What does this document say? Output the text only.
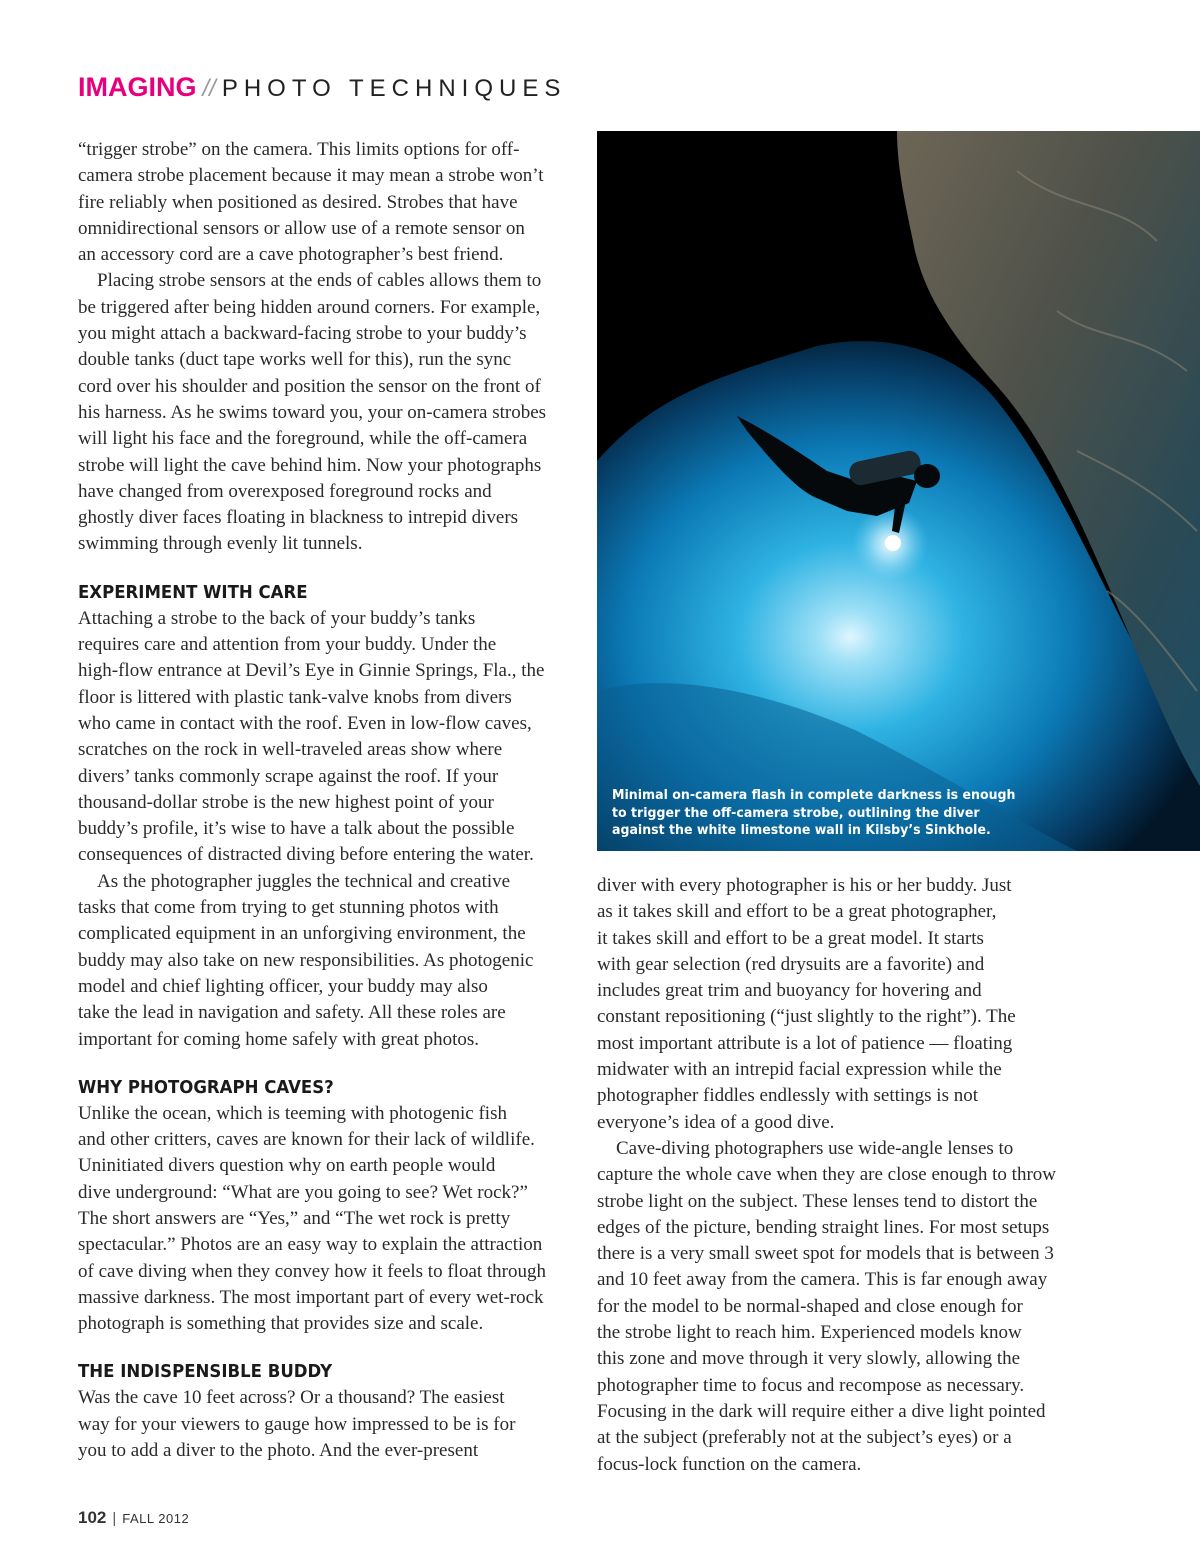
IMAGING // PHOTO TECHNIQUES

“trigger strobe” on the camera. This limits options for off-
camera strobe placement because it may mean a strobe won’t
fire reliably when positioned as desired. Strobes that have
omnidirectional sensors or allow use of a remote sensor on
an accessory cord are a cave photographer’s best friend.

Placing strobe sensors at the ends of cables allows them to
be triggered after being hidden around corners. For example,
you might attach a backward-facing strobe to your buddy’s
double tanks (duct tape works well for this), run the sync
cord over his shoulder and position the sensor on the front of
his harness. As he swims toward you, your on-camera strobes
will light his face and the foreground, while the off-camera
strobe will light the cave behind him. Now your photographs
have changed from overexposed foreground rocks and
ghostly diver faces floating in blackness to intrepid divers
swimming through evenly lit tunnels.

EXPERIMENT WITH CARE

Attaching a strobe to the back of your buddy’s tanks
requires care and attention from your buddy. Under the
high-flow entrance at Devil’s Eye in Ginnie Springs, Fla., the
floor is littered with plastic tank-valve knobs from divers
who came in contact with the roof. Even in low-flow caves,
scratches on the rock in well-traveled areas show where
divers’ tanks commonly scrape against the roof. If your
thousand-dollar strobe is the new highest point of your
buddy’s profile, it’s wise to have a talk about the possible
consequences of distracted diving before entering the water.

As the photographer juggles the technical and creative
tasks that come from trying to get stunning photos with
complicated equipment in an unforgiving environment, the
buddy may also take on new responsibilities. As photogenic
model and chief lighting officer, your buddy may also
take the lead in navigation and safety. All these roles are
important for coming home safely with great photos.

WHY PHOTOGRAPH CAVES?

Unlike the ocean, which is teeming with photogenic fish
and other critters, caves are known for their lack of wildlife.
Uninitiated divers question why on earth people would
dive underground: “What are you going to see? Wet rock?”
The short answers are “Yes,” and “The wet rock is pretty
spectacular.” Photos are an easy way to explain the attraction
of cave diving when they convey how it feels to float through
massive darkness. The most important part of every wet-rock
photograph is something that provides size and scale.

THE INDISPENSIBLE BUDDY

Was the cave 10 feet across? Or a thousand? The easiest
way for your viewers to gauge how impressed to be is for
you to add a diver to the photo. And the ever-present

Minimal on-camera flash in complete darkness is enough
to trigger the off-camera strobe, outlining the diver
against the white limestone wall in Kilsby’s Sinkhole.

diver with every photographer is his or her buddy. Just
as it takes skill and effort to be a great photographer,
it takes skill and effort to be a great model. It starts
with gear selection (red drysuits are a favorite) and
includes great trim and buoyancy for hovering and
constant repositioning (“just slightly to the right”). The
most important attribute is a lot of patience — floating
midwater with an intrepid facial expression while the
photographer fiddles endlessly with settings is not
everyone’s idea of a good dive.

Cave-diving photographers use wide-angle lenses to
capture the whole cave when they are close enough to throw
strobe light on the subject. These lenses tend to distort the
edges of the picture, bending straight lines. For most setups
there is a very small sweet spot for models that is between 3
and 10 feet away from the camera. This is far enough away
for the model to be normal-shaped and close enough for
the strobe light to reach him. Experienced models know
this zone and move through it very slowly, allowing the
photographer time to focus and recompose as necessary.
Focusing in the dark will require either a dive light pointed
at the subject (preferably not at the subject’s eyes) or a
focus-lock function on the camera.

102 | FALL 2012
